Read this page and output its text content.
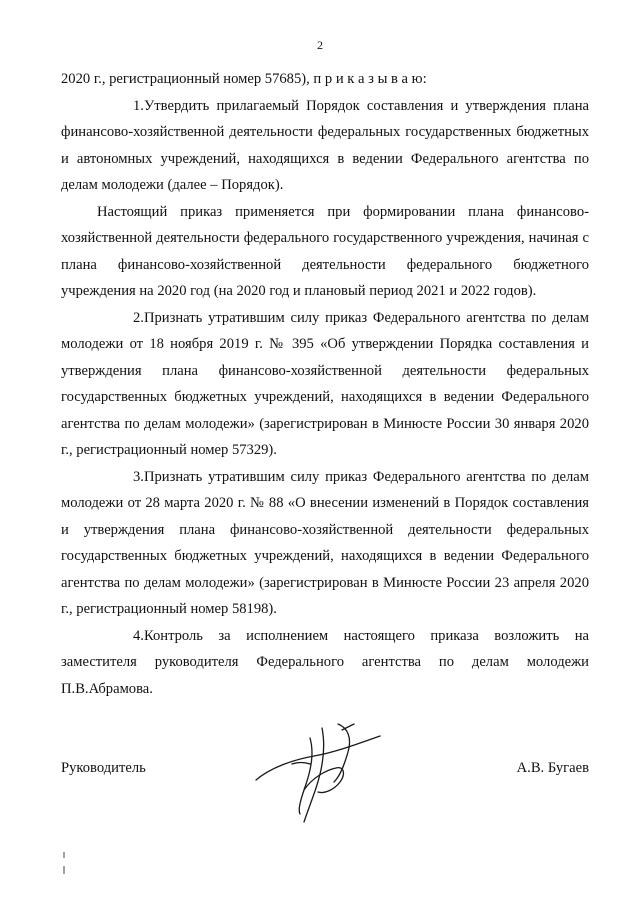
2

2020 г., регистрационный номер 57685), п р и к а з ы в а ю:

1.Утвердить прилагаемый Порядок составления и утверждения плана финансово-хозяйственной деятельности федеральных государственных бюджетных и автономных учреждений, находящихся в ведении Федерального агентства по делам молодежи (далее – Порядок).

Настоящий приказ применяется при формировании плана финансово-хозяйственной деятельности федерального государственного учреждения, начиная с плана финансово-хозяйственной деятельности федерального бюджетного учреждения на 2020 год (на 2020 год и плановый период 2021 и 2022 годов).

2.Признать утратившим силу приказ Федерального агентства по делам молодежи от 18 ноября 2019 г. № 395 «Об утверждении Порядка составления и утверждения плана финансово-хозяйственной деятельности федеральных государственных бюджетных учреждений, находящихся в ведении Федерального агентства по делам молодежи» (зарегистрирован в Минюсте России 30 января 2020 г., регистрационный номер 57329).

3.Признать утратившим силу приказ Федерального агентства по делам молодежи от 28 марта 2020 г. № 88 «О внесении изменений в Порядок составления и утверждения плана финансово-хозяйственной деятельности федеральных государственных бюджетных учреждений, находящихся в ведении Федерального агентства по делам молодежи» (зарегистрирован в Минюсте России 23 апреля 2020 г., регистрационный номер 58198).

4.Контроль за исполнением настоящего приказа возложить на заместителя руководителя Федерального агентства по делам молодежи П.В.Абрамова.

Руководитель	А.В. Бугаев
